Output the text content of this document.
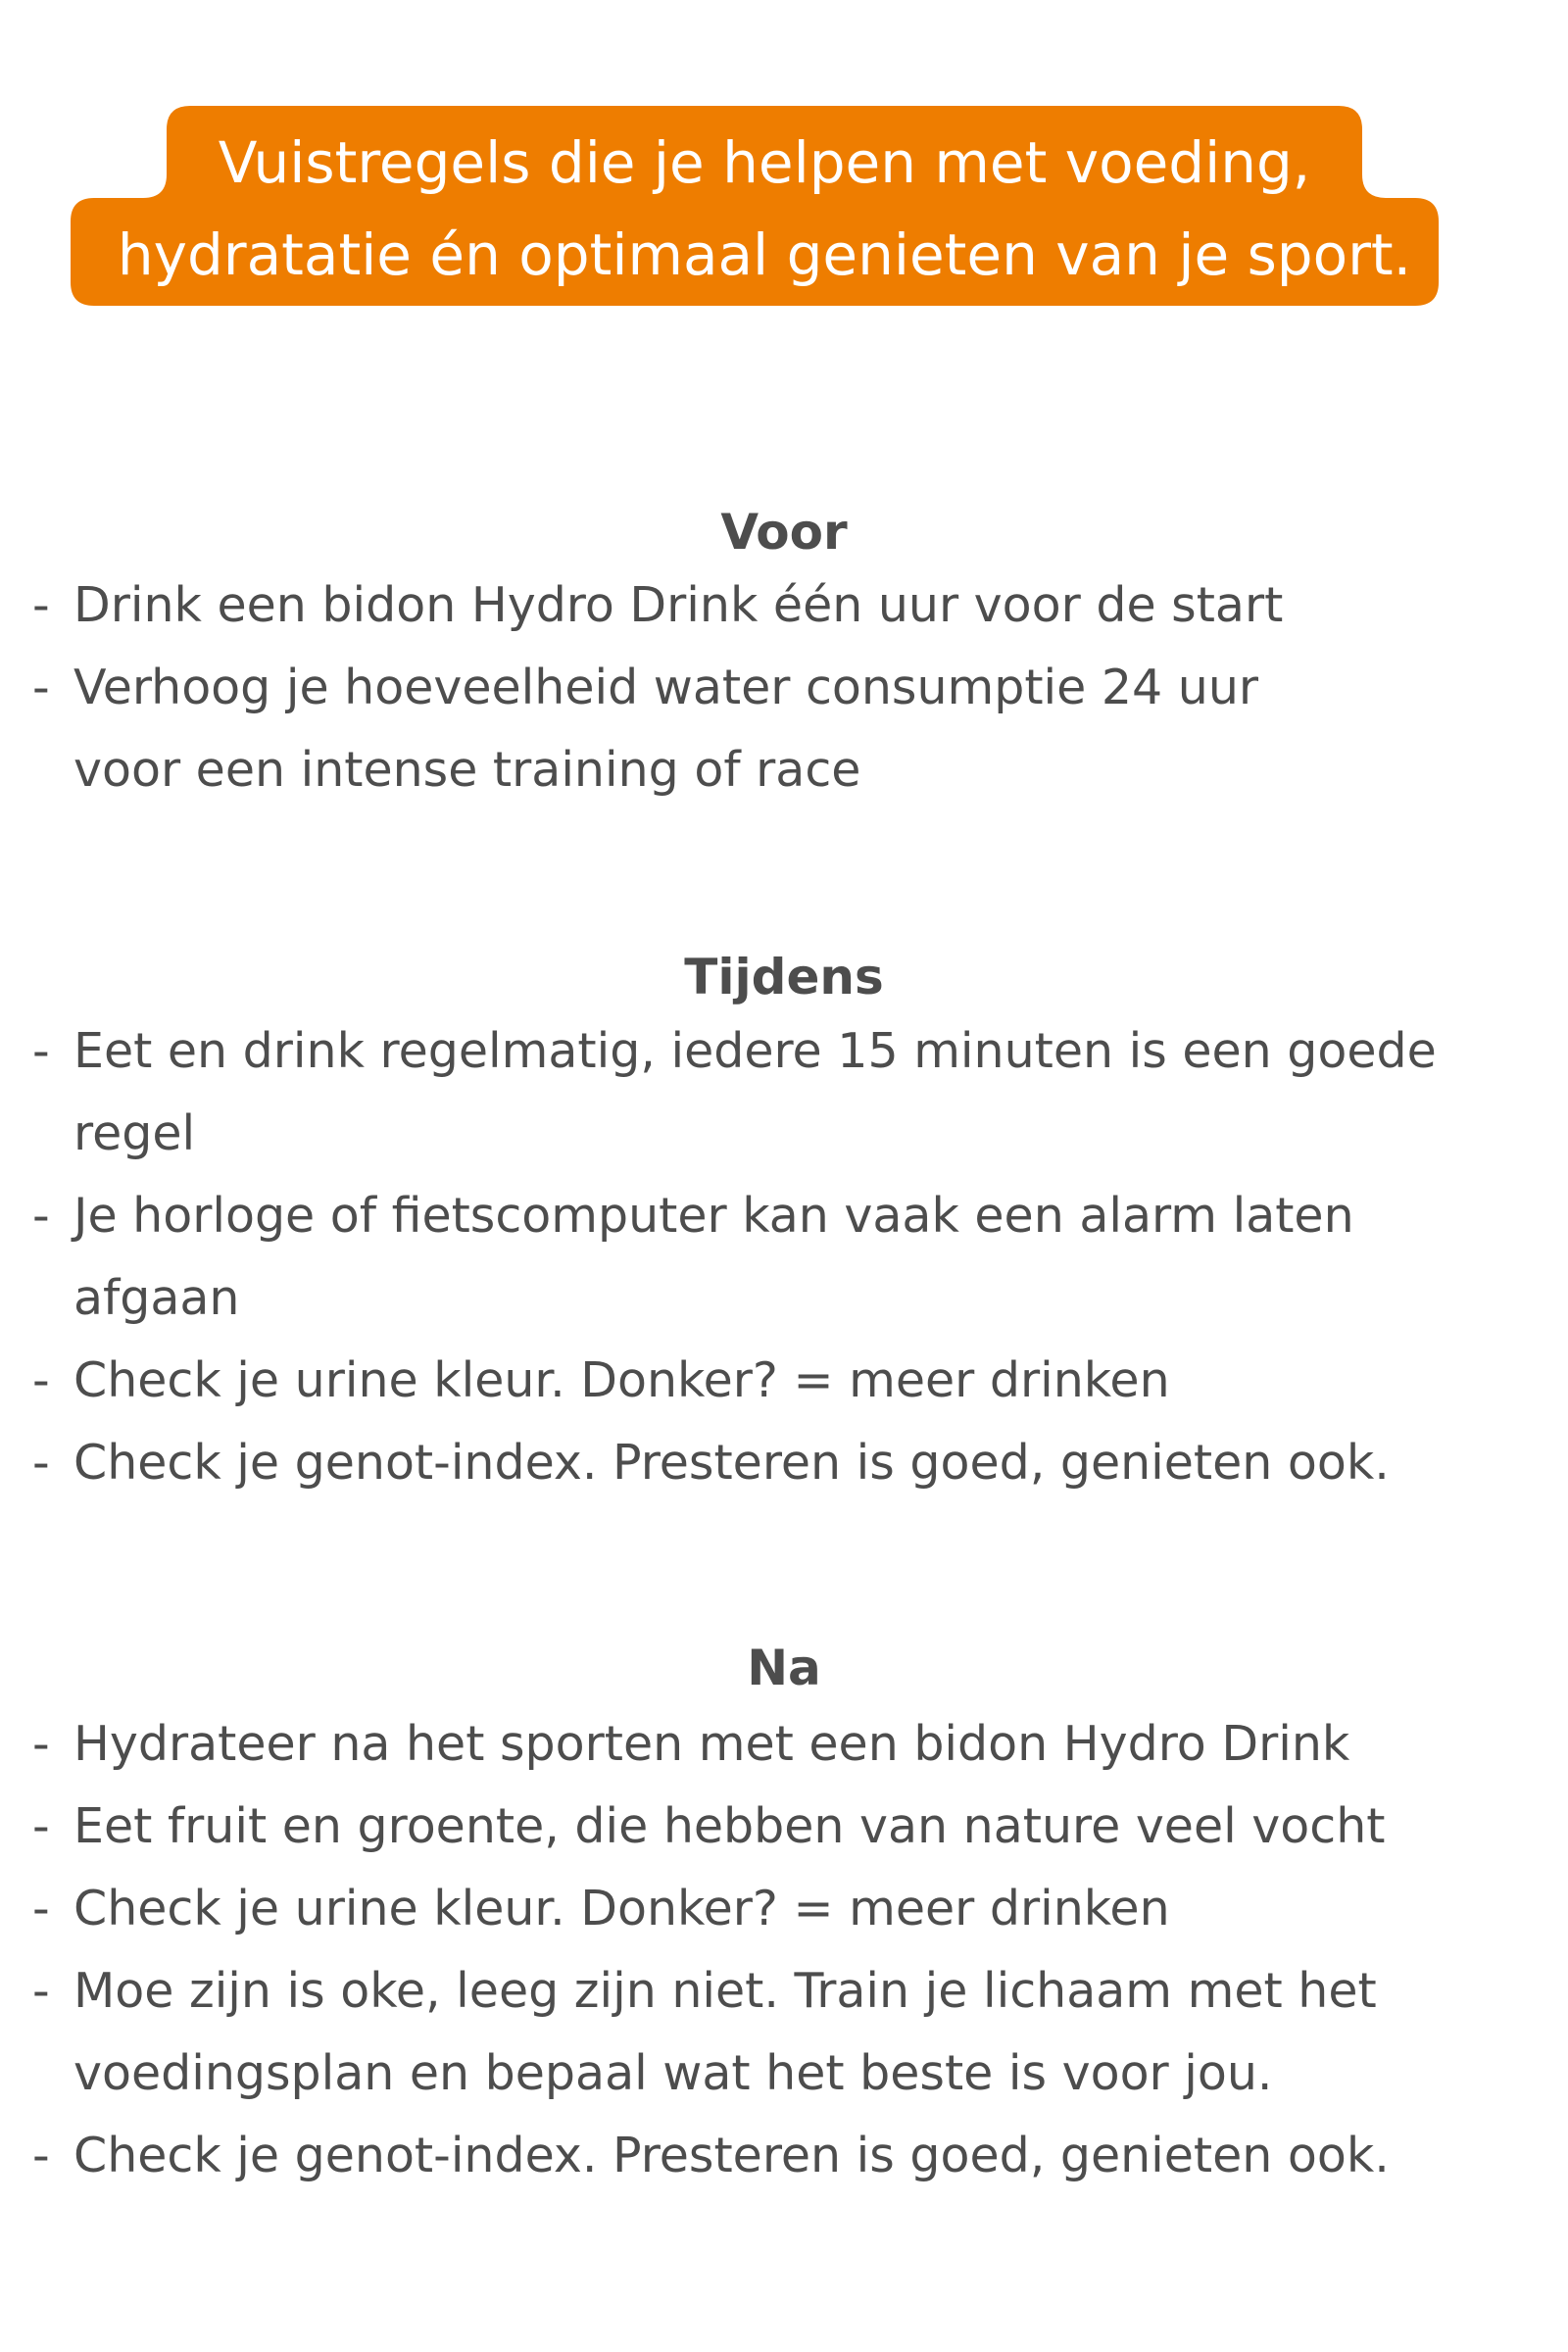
Vuistregels die je helpen met voeding,
hydratatie én optimaal genieten van je sport.
Voor
- Drink een bidon Hydro Drink één uur voor de start
- Verhoog je hoeveelheid water consumptie 24 uur
voor een intense training of race
Tijdens
- Eet en drink regelmatig, iedere 15 minuten is een goede
regel
- Je horloge of fietscomputer kan vaak een alarm laten
afgaan
- Check je urine kleur. Donker? = meer drinken
- Check je genot-index. Presteren is goed, genieten ook.
Na
- Hydrateer na het sporten met een bidon Hydro Drink
- Eet fruit en groente, die hebben van nature veel vocht
- Check je urine kleur. Donker? = meer drinken
- Moe zijn is oke, leeg zijn niet. Train je lichaam met het
voedingsplan en bepaal wat het beste is voor jou.
- Check je genot-index. Presteren is goed, genieten ook.
